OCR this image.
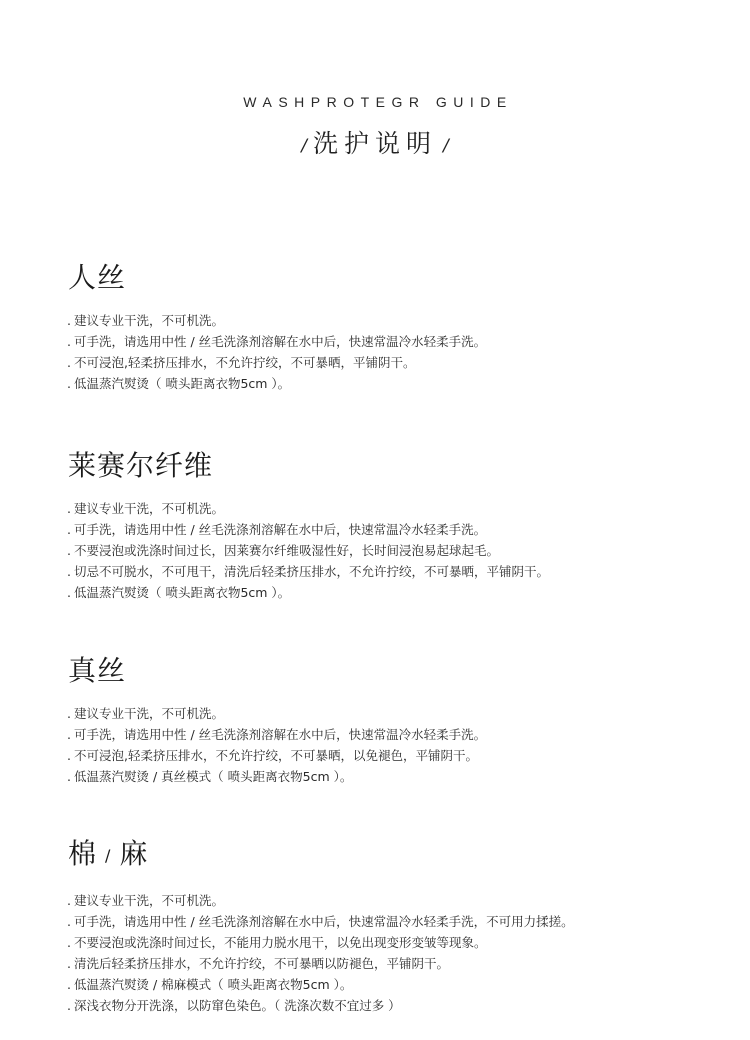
WASHPROTEGR GUIDE
/ 洗护说明 /
人丝
. 建议专业干洗，不可机洗。
. 可手洗，请选用中性 / 丝毛洗涤剂溶解在水中后，快速常温冷水轻柔手洗。
. 不可浸泡,轻柔挤压排水，不允许拧绞，不可暴晒，平铺阴干。
. 低温蒸汽熨烫（ 喷头距离衣物5cm ）。
莱赛尔纤维
. 建议专业干洗，不可机洗。
. 可手洗，请选用中性 / 丝毛洗涤剂溶解在水中后，快速常温冷水轻柔手洗。
. 不要浸泡或洗涤时间过长，因莱赛尔纤维吸湿性好，长时间浸泡易起球起毛。
. 切忌不可脱水，不可甩干，清洗后轻柔挤压排水，不允许拧绞，不可暴晒，平铺阴干。
. 低温蒸汽熨烫（ 喷头距离衣物5cm ）。
真丝
. 建议专业干洗，不可机洗。
. 可手洗，请选用中性 / 丝毛洗涤剂溶解在水中后，快速常温冷水轻柔手洗。
. 不可浸泡,轻柔挤压排水，不允许拧绞，不可暴晒，以免褪色，平铺阴干。
. 低温蒸汽熨烫 / 真丝模式（ 喷头距离衣物5cm ）。
棉 / 麻
. 建议专业干洗，不可机洗。
. 可手洗，请选用中性 / 丝毛洗涤剂溶解在水中后，快速常温冷水轻柔手洗，不可用力揉搓。
. 不要浸泡或洗涤时间过长，不能用力脱水甩干，以免出现变形变皱等现象。
. 清洗后轻柔挤压排水，不允许拧绞，不可暴晒以防褪色，平铺阴干。
. 低温蒸汽熨烫 / 棉麻模式（ 喷头距离衣物5cm ）。
. 深浅衣物分开洗涤，以防窜色染色。（ 洗涤次数不宜过多 ）
